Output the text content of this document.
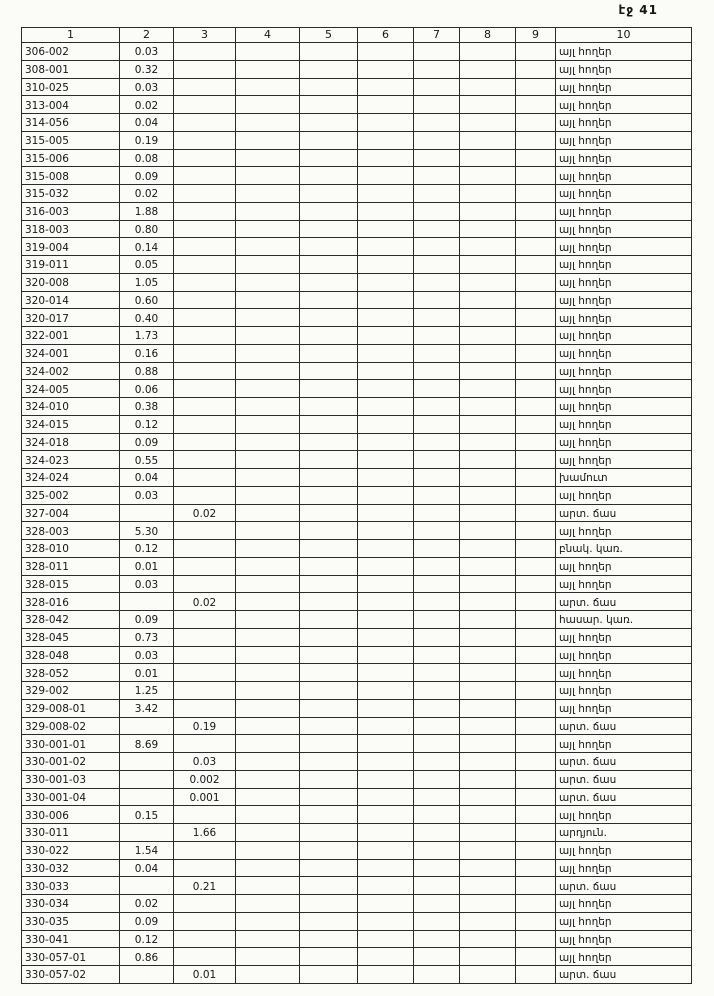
էջ 41
1	2	3	4	5	6	7	8	9	10
306-002	0.03								այլ հողեր
308-001	0.32								այլ հողեր
310-025	0.03								այլ հողեր
313-004	0.02								այլ հողեր
314-056	0.04								այլ հողեր
315-005	0.19								այլ հողեր
315-006	0.08								այլ հողեր
315-008	0.09								այլ հողեր
315-032	0.02								այլ հողեր
316-003	1.88								այլ հողեր
318-003	0.80								այլ հողեր
319-004	0.14								այլ հողեր
319-011	0.05								այլ հողեր
320-008	1.05								այլ հողեր
320-014	0.60								այլ հողեր
320-017	0.40								այլ հողեր
322-001	1.73								այլ հողեր
324-001	0.16								այլ հողեր
324-002	0.88								այլ հողեր
324-005	0.06								այլ հողեր
324-010	0.38								այլ հողեր
324-015	0.12								այլ հողեր
324-018	0.09								այլ հողեր
324-023	0.55								այլ հողեր
324-024	0.04								խամուտ
325-002	0.03								այլ հողեր
327-004		0.02							արտ. ճաս
328-003	5.30								այլ հողեր
328-010	0.12								բնակ. կառ.
328-011	0.01								այլ հողեր
328-015	0.03								այլ հողեր
328-016		0.02							արտ. ճաս
328-042	0.09								հասար. կառ.
328-045	0.73								այլ հողեր
328-048	0.03								այլ հողեր
328-052	0.01								այլ հողեր
329-002	1.25								այլ հողեր
329-008-01	3.42								այլ հողեր
329-008-02		0.19							արտ. ճաս
330-001-01	8.69								այլ հողեր
330-001-02		0.03							արտ. ճաս
330-001-03		0.002							արտ. ճաս
330-001-04		0.001							արտ. ճաս
330-006	0.15								այլ հողեր
330-011		1.66							արդյուն.
330-022	1.54								այլ հողեր
330-032	0.04								այլ հողեր
330-033		0.21							արտ. ճաս
330-034	0.02								այլ հողեր
330-035	0.09								այլ հողեր
330-041	0.12								այլ հողեր
330-057-01	0.86								այլ հողեր
330-057-02		0.01							արտ. ճաս
